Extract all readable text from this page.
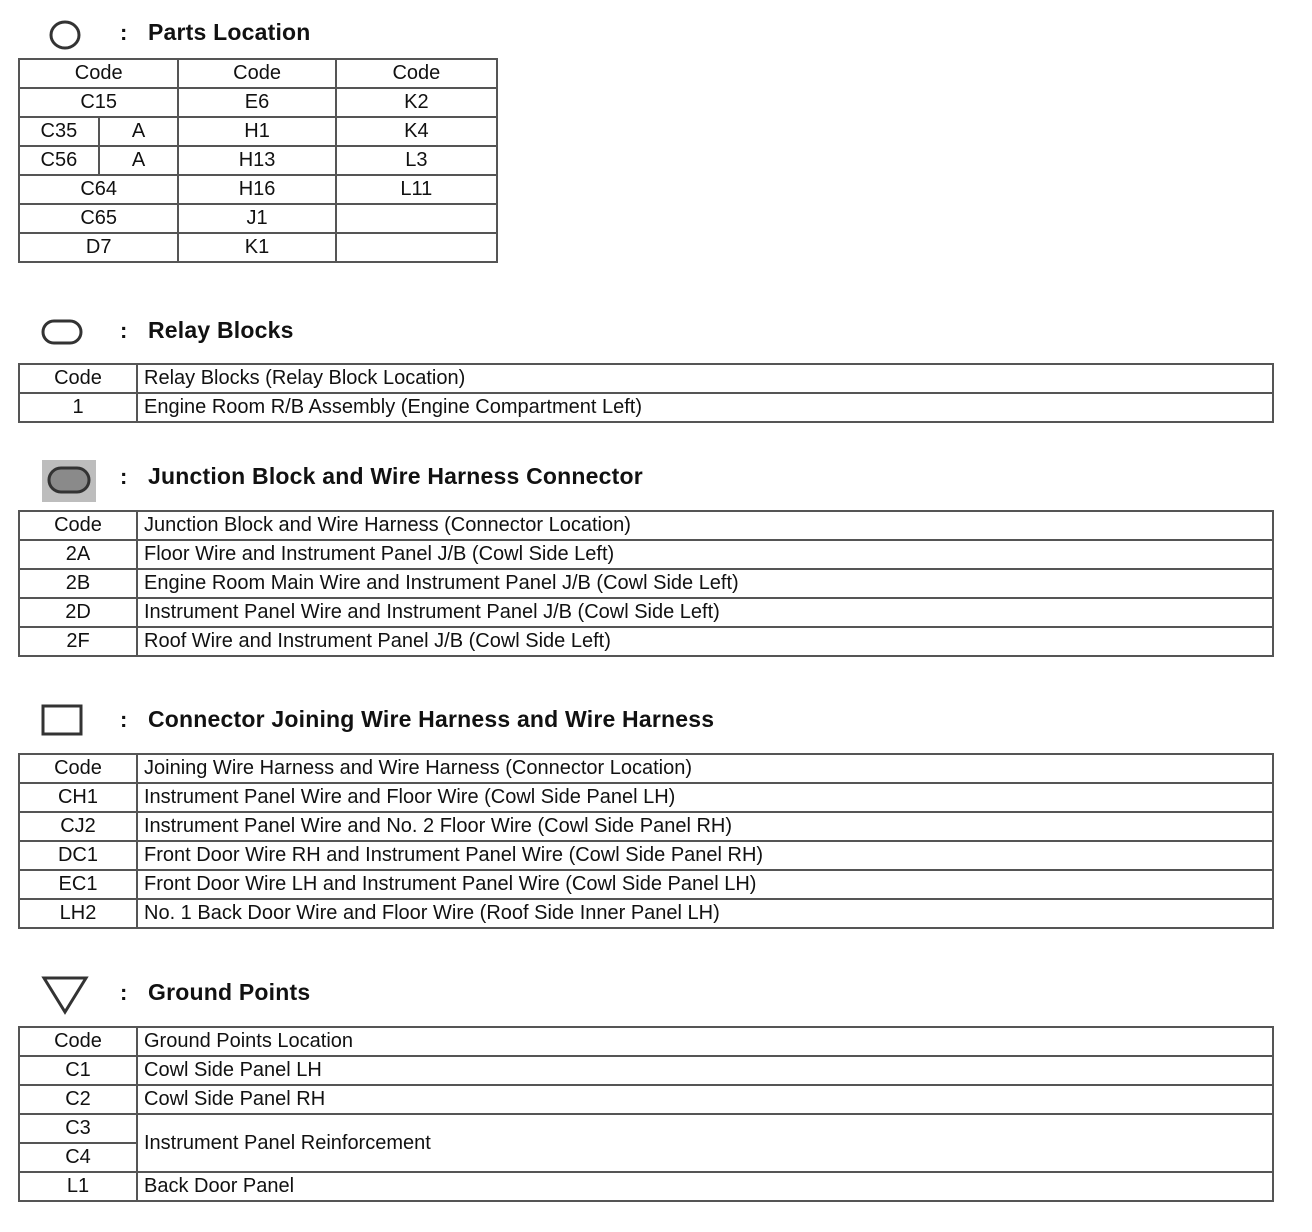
: Parts Location
Code		Code	Code
C15		E6	K2
C35	A	H1	K4
C56	A	H13	L3
C64		H16	L11
C65		J1	
D7		K1	
: Relay Blocks
Code	Relay Blocks (Relay Block Location)
1	Engine Room R/B Assembly (Engine Compartment Left)
: Junction Block and Wire Harness Connector
Code	Junction Block and Wire Harness (Connector Location)
2A	Floor Wire and Instrument Panel J/B (Cowl Side Left)
2B	Engine Room Main Wire and Instrument Panel J/B (Cowl Side Left)
2D	Instrument Panel Wire and Instrument Panel J/B (Cowl Side Left)
2F	Roof Wire and Instrument Panel J/B (Cowl Side Left)
: Connector Joining Wire Harness and Wire Harness
Code	Joining Wire Harness and Wire Harness (Connector Location)
CH1	Instrument Panel Wire and Floor Wire (Cowl Side Panel LH)
CJ2	Instrument Panel Wire and No. 2 Floor Wire (Cowl Side Panel RH)
DC1	Front Door Wire RH and Instrument Panel Wire (Cowl Side Panel RH)
EC1	Front Door Wire LH and Instrument Panel Wire (Cowl Side Panel LH)
LH2	No. 1 Back Door Wire and Floor Wire (Roof Side Inner Panel LH)
: Ground Points
Code	Ground Points Location
C1	Cowl Side Panel LH
C2	Cowl Side Panel RH
C3	Instrument Panel Reinforcement
C4	
L1	Back Door Panel
